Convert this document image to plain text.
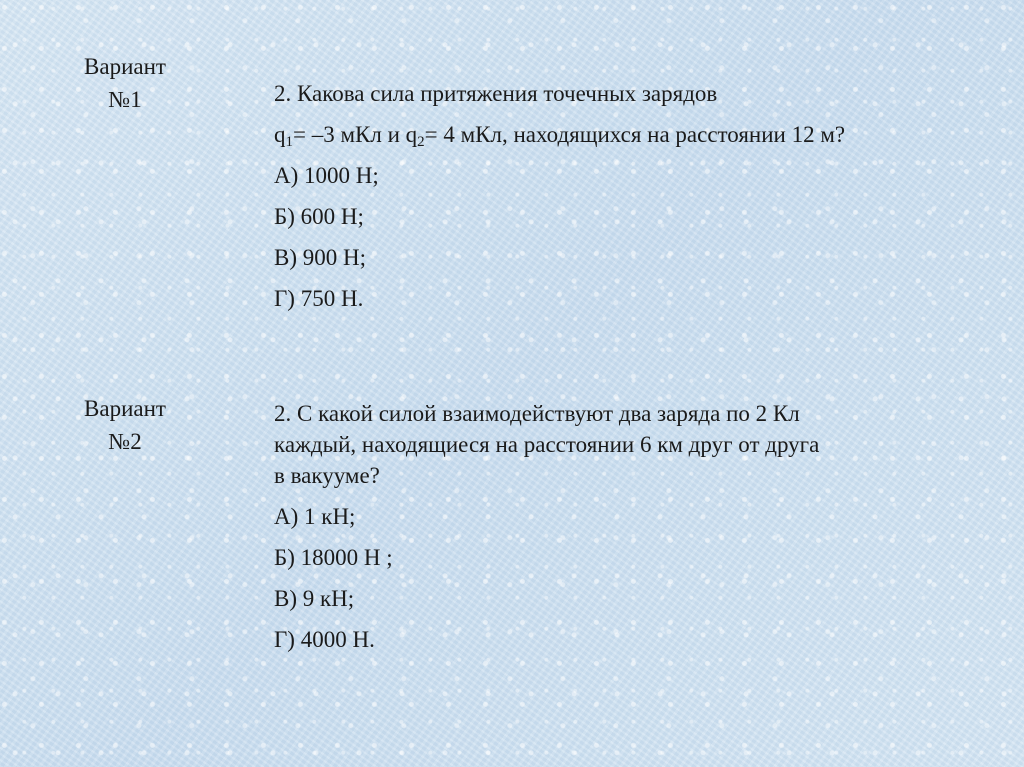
Вариант
№1	2. Какова сила притяжения точечных зарядов

$q_1= -3$ мКл и $q_2= 4$ мКл, находящихся на расстоянии 12 м?

А) 1000 Н;

Б) 600 Н;

В) 900 Н;

Г) 750 Н.

Вариант
№2

2. С какой силой взаимодействуют два заряда по 2 Кл

каждый, находящиеся на расстоянии 6 км друг от друга

в вакууме?

А) 1 кН;

Б) 18000 Н ;

В) 9 кН;

Г) 4000 Н.
